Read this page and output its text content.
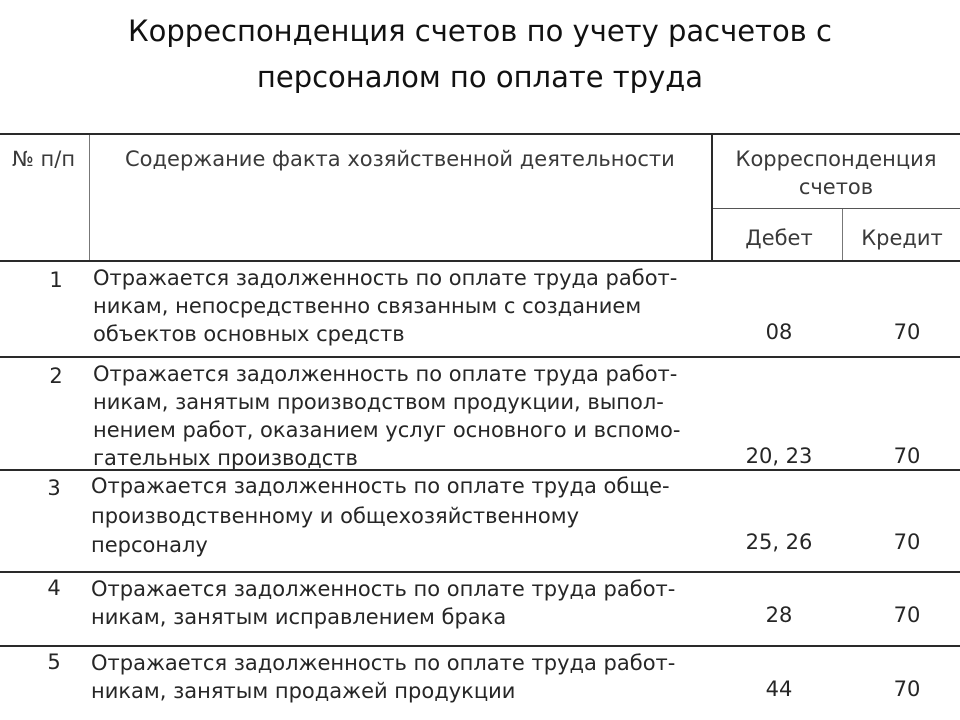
Корреспонденция счетов по учету расчетов с
персоналом по оплате труда
№ п/п Содержание факта хозяйственной деятельности	Корреспонденция
счетов
Дебет	Кредит
1	Отражается задолженность по оплате труда работ-
никам, непосредственно связанным с созданием
объектов основных средств	08	70
2	Отражается задолженность по оплате труда работ-
никам, занятым производством продукции, выпол-
нением работ, оказанием услуг основного и вспомо-
гательных производств	20, 23	70
3	Отражается задолженность по оплате труда обще-
производственному и общехозяйственному
персоналу	25, 26	70
4	Отражается задолженность по оплате труда работ-
никам, занятым исправлением брака	28	70
5	Отражается задолженность по оплате труда работ-
никам, занятым продажей продукции	44	70
